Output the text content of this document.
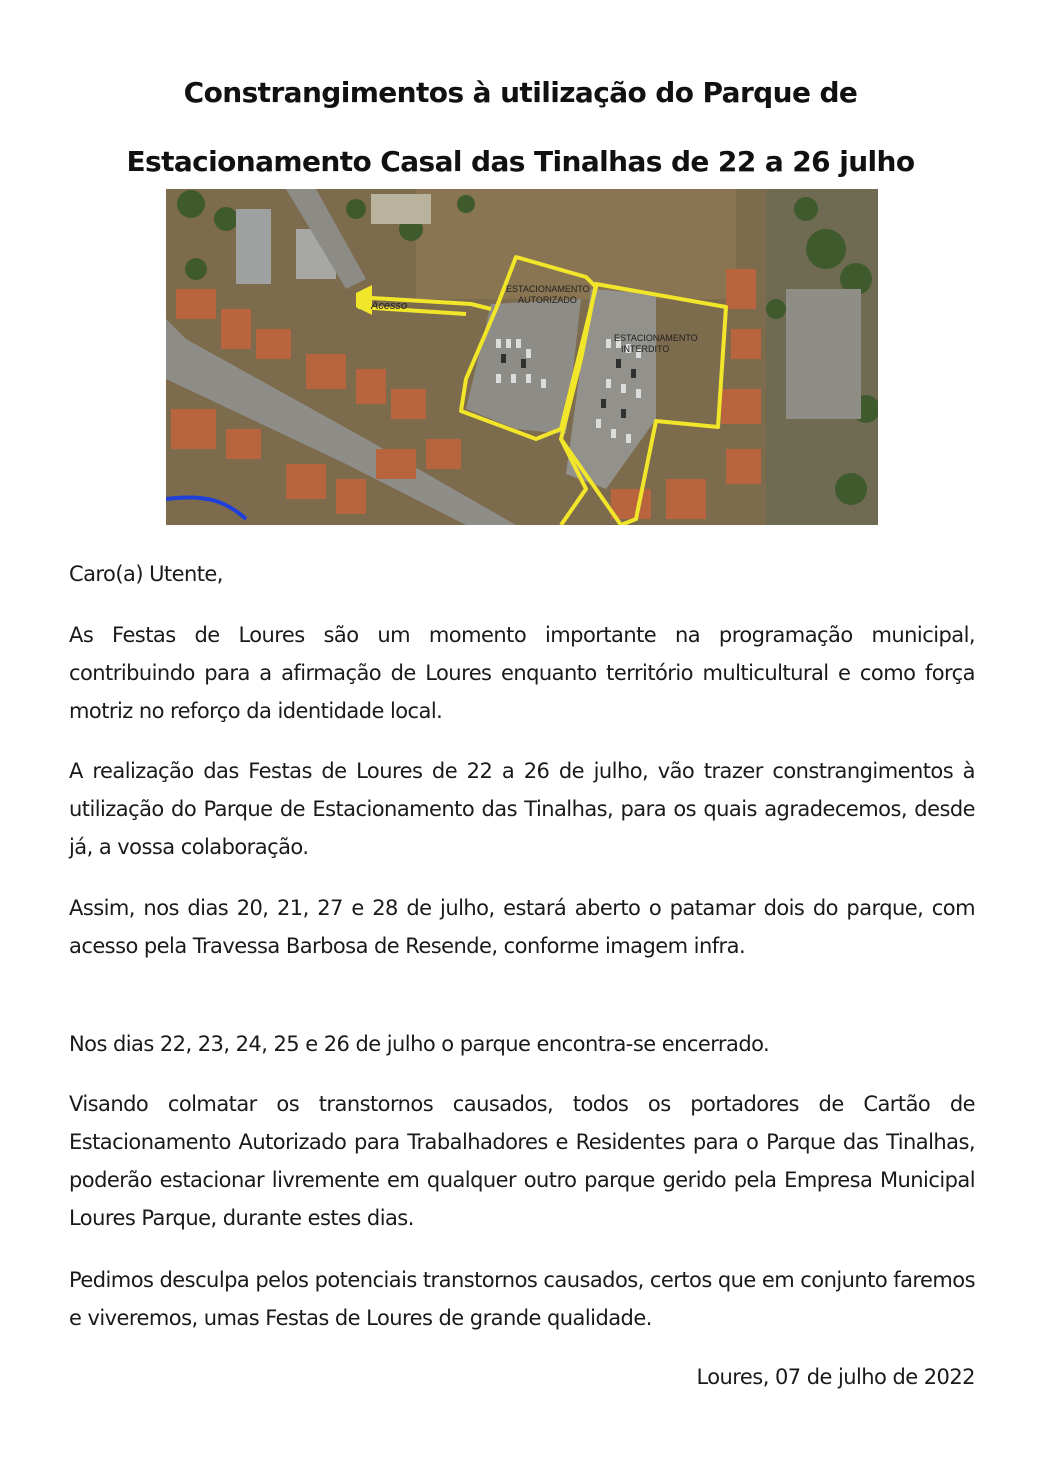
Constrangimentos à utilização do Parque de
Estacionamento Casal das Tinalhas de 22 a 26 julho
Acesso
ESTACIONAMENTO
AUTORIZADO
ESTACIONAMENTO
INTERDITO

Caro(a) Utente,

As Festas de Loures são um momento importante na programação municipal, contribuindo para a afirmação de Loures enquanto território multicultural e como força motriz no reforço da identidade local.

A realização das Festas de Loures de 22 a 26 de julho, vão trazer constrangimentos à utilização do Parque de Estacionamento das Tinalhas, para os quais agradecemos, desde já, a vossa colaboração.

Assim, nos dias 20, 21, 27 e 28 de julho, estará aberto o patamar dois do parque, com acesso pela Travessa Barbosa de Resende, conforme imagem infra.

Nos dias 22, 23, 24, 25 e 26 de julho o parque encontra-se encerrado.

Visando colmatar os transtornos causados, todos os portadores de Cartão de Estacionamento Autorizado para Trabalhadores e Residentes para o Parque das Tinalhas, poderão estacionar livremente em qualquer outro parque gerido pela Empresa Municipal Loures Parque, durante estes dias.

Pedimos desculpa pelos potenciais transtornos causados, certos que em conjunto faremos e viveremos, umas Festas de Loures de grande qualidade.

Loures, 07 de julho de 2022
